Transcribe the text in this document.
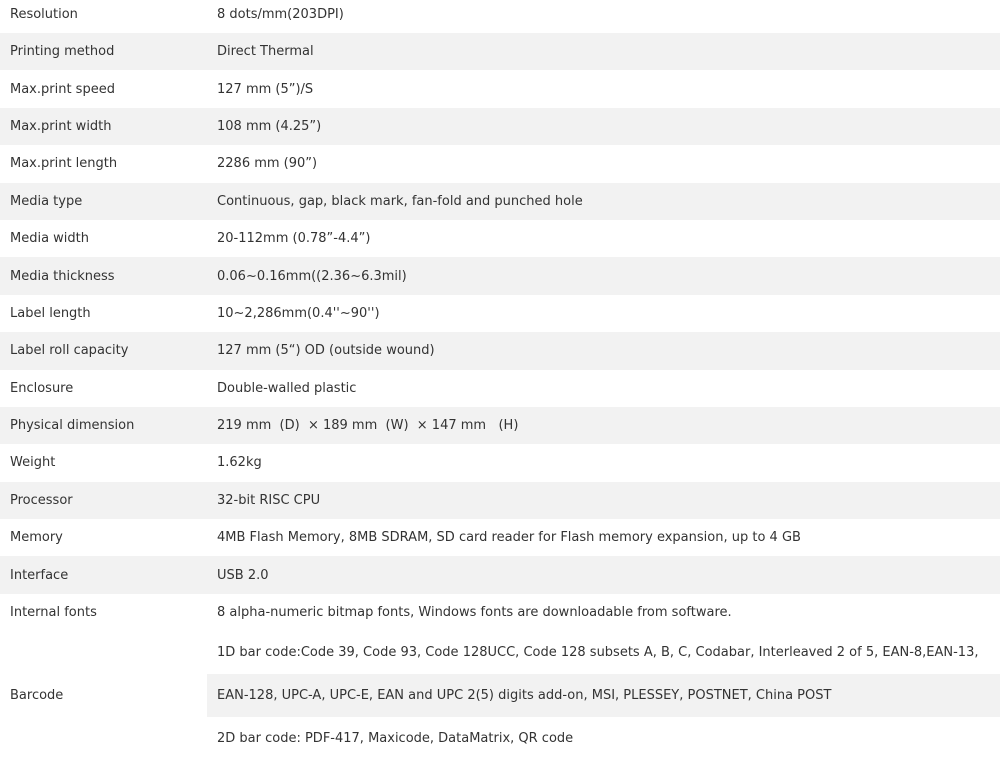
Resolution	8 dots/mm(203DPI)
Printing method	Direct Thermal
Max.print speed	127 mm (5”)/S
Max.print width	108 mm (4.25”)
Max.print length	2286 mm (90”)
Media type	Continuous, gap, black mark, fan-fold and punched hole
Media width	20-112mm (0.78”-4.4”)
Media thickness	0.06~0.16mm((2.36~6.3mil)
Label length	10~2,286mm(0.4''~90'')
Label roll capacity	127 mm (5“) OD (outside wound)
Enclosure	Double-walled plastic
Physical dimension	219 mm  (D)  × 189 mm  (W)  × 147 mm   (H)
Weight	1.62kg
Processor	32-bit RISC CPU
Memory	4MB Flash Memory, 8MB SDRAM, SD card reader for Flash memory expansion, up to 4 GB
Interface	USB 2.0
Internal fonts	8 alpha-numeric bitmap fonts, Windows fonts are downloadable from software.
Barcode	1D bar code:Code 39, Code 93, Code 128UCC, Code 128 subsets A, B, C, Codabar, Interleaved 2 of 5, EAN-8,EAN-13,
EAN-128, UPC-A, UPC-E, EAN and UPC 2(5) digits add-on, MSI, PLESSEY, POSTNET, China POST
2D bar code: PDF-417, Maxicode, DataMatrix, QR code
